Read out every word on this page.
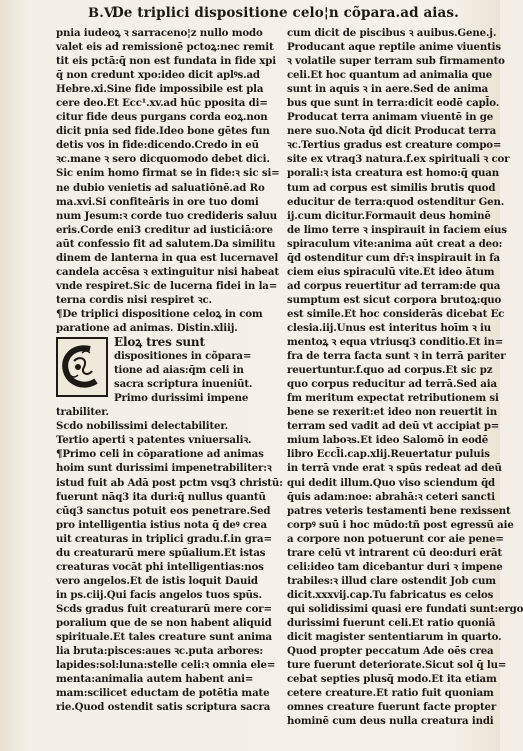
B.V.
De triplici dispositione celo¦n cõpara.ad aias.
pnia iudeoꝝ ꝛ sarraceno¦z nullo modo
valet eis ad remissionē pctoꝝ:nec remit
tit eis pctā:q̄ non est fundata in fide xpi
q̄ non credunt xpo:ideo dicit aplꝰs.ad
Hebre.xi.Sine fide impossibile est pla
cere deo.Et Ecc¹.xv.ad hūc pposita di=
citur fide deus purgans corda eoꝝ.non
dicit pnia sed fide.Ideo bone gētes fun
detis vos in fide:dicendo.Credo in eū
ꝛc.mane ꝛ sero dicquomodo debet dici.
Sic enim homo firmat se in fide:ꝛ sic si=
ne dubio venietis ad saluatiōnē.ad Ro
ma.xvi.Si confiteāris in ore tuo domi
num Jesum:ꝛ corde tuo credideris saluu
eris.Corde eni3 creditur ad iusticiā:ore
aūt confessio fit ad salutem.Da similitu
dinem de lanterna in qua est lucernavel
candela accēsa ꝛ extinguitur nisi habeat
vnde respiret.Sic de lucerna fidei in la=
terna cordis nisi respiret ꝛc.
¶De triplici dispositione celoꝝ in com
paratione ad animas. Distin.xliij.
Eloꝝ tres sunt
dispositiones in cõpara=
tione ad aias:q̄m celi in
sacra scriptura inueniūt.
Primo durissimi impene
trabiliter.
Scdo nobilissimi delectabiliter.
Tertio aperti ꝛ patentes vniuersaliꝛ.
¶Primo celi in cōparatione ad animas
hoim sunt durissimi impenetrabiliter:ꝛ
istud fuit ab Adā post pctm vsq3 christū:
fuerunt nāq3 ita duri:q̄ nullus quantū
cūq3 sanctus potuit eos penetrare.Sed
pro intelligentia istius nota q̄ deꝰ crea
uit creaturas in triplici gradu.f.in gra=
du creaturarū mere spūalium.Et istas
creaturas vocāt phi intelligentias:nos
vero angelos.Et de istis loquit Dauid
in ps.ciij.Qui facis angelos tuos spūs.
Scds gradus fuit creaturarū mere cor=
poralium que de se non habent aliquid
spirituale.Et tales creature sunt anima
lia bruta:pisces:aues ꝛc.puta arbores:
lapides:sol:luna:stelle celi:ꝛ omnia ele=
menta:animalia autem habent ani=
mam:scilicet eductam de potētia mate
rie.Quod ostendit satis scriptura sacra
cum dicit de piscibus ꝛ auibus.Gene.j.
Producant aque reptile anime viuentis
ꝛ volatile super terram sub firmamento
celi.Et hoc quantum ad animalia que
sunt in aquis ꝛ in aere.Sed de anima
bus que sunt in terra:dicit eodē capl̄o.
Producat terra animam viuentē in ge
nere suo.Nota q̄d dicit Producat terra
ꝛc.Tertius gradus est creature compo=
site ex vtraq3 natura.f.ex spirituali ꝛ cor
porali:ꝛ ista creatura est homo:q̄ quan
tum ad corpus est similis brutis quod
educitur de terra:quod ostenditur Gen.
ij.cum dicitur.Formauit deus hominē
de limo terre ꝛ inspirauit in faciem eius
spiraculum vite:anima aūt creat a deo:
q̄d ostenditur cum dr̄:ꝛ inspirauit in fa
ciem eius spiraculū vite.Et ideo ātum
ad corpus reuertitur ad terram:de qua
sumptum est sicut corpora brutoꝝ:quo
est simile.Et hoc considerās dicebat Ec
clesia.iij.Unus est interitus hoīm ꝛ iu
mentoꝝ ꝛ equa vtriusq3 conditio.Et in=
fra de terra facta sunt ꝛ in terrā pariter
reuertuntur.f.quo ad corpus.Et sic pz
quo corpus reducitur ad terrā.Sed aia
fm meritum expectat retributionem si
bene se rexerit:et ideo non reuertit in
terram sed vadit ad deū vt accipiat p=
mium laboꝛs.Et ideo Salomō in eodē
libro Eccl̄i.cap.xlij.Reuertatur puluis
in terrā vnde erat ꝛ spūs redeat ad deū
qui dedit illum.Quo viso sciendum q̄d
q̄uis adam:noe: abrahā:ꝛ ceteri sancti
patres veteris testamenti bene rexissent
corpꝰ suū i hoc mūdo:tñ post egressū aie
a corpore non potuerunt cor aie pene=
trare celū vt intrarent cū deo:duri erāt
celi:ideo tam dicebantur duri ꝛ impene
trabiles:ꝛ illud clare ostendit Job cum
dicit.xxxvij.cap.Tu fabricatus es celos
qui solidissimi quasi ere fundati sunt:ergo
durissimi fuerunt celi.Et ratio quoniā
dicit magister sententiarum in quarto.
Quod propter peccatum Ade oēs crea
ture fuerunt deteriorate.Sicut sol q̄ lu=
cebat septies plusq̄ modo.Et ita etiam
cetere creature.Et ratio fuit quoniam
omnes creature fuerunt facte propter
hominē cum deus nulla creatura indi
